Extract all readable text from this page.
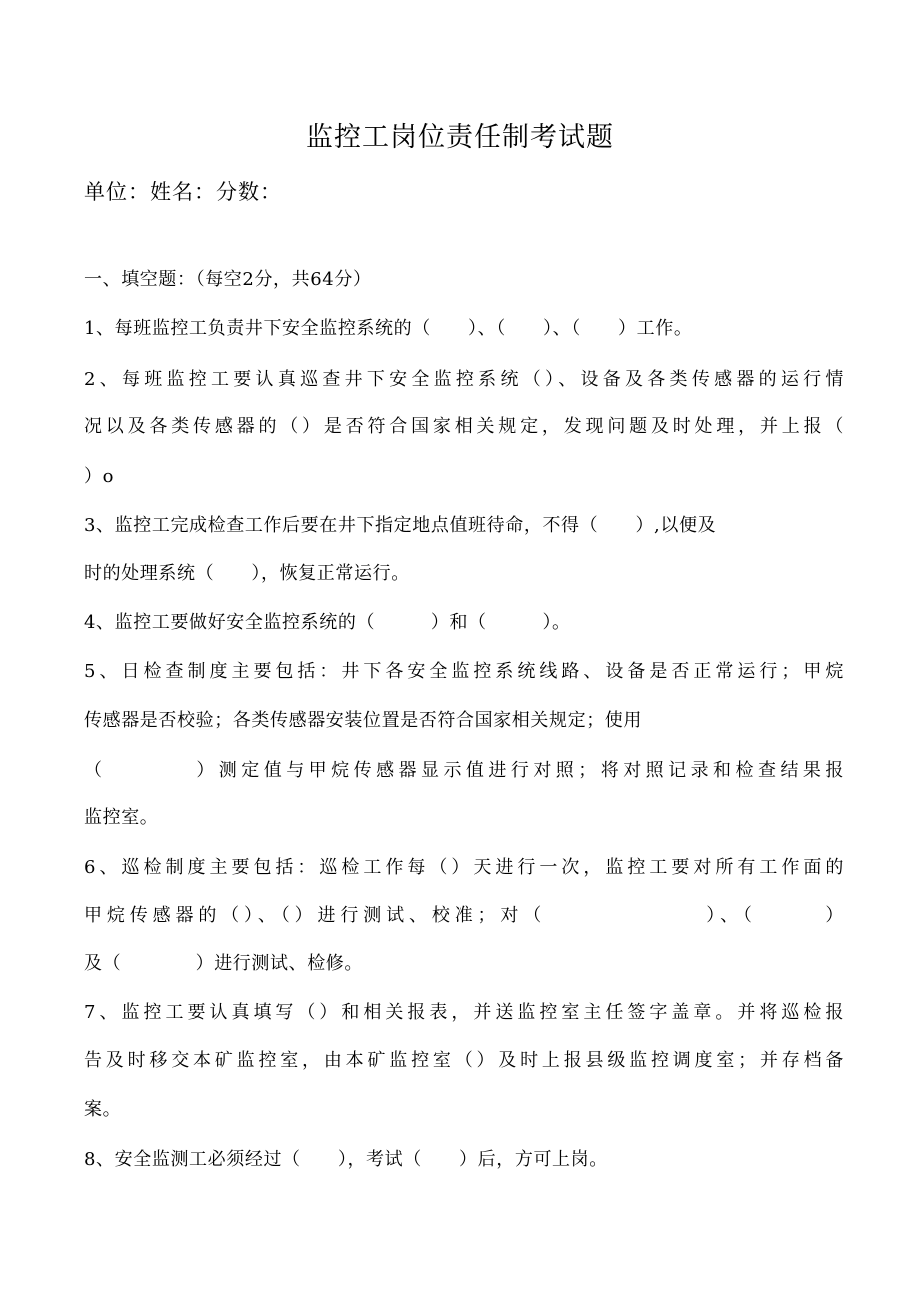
监控工岗位责任制考试题
单位：姓名：分数：
一、填空题：（每空2分，共64分）
1、每班监控工负责井下安全监控系统的（　　）、（　　）、（　　）工作。
2、每班监控工要认真巡查井下安全监控系统（）、设备及各类传感器的运行情
况以及各类传感器的（）是否符合国家相关规定，发现问题及时处理，并上报（
）o
3、监控工完成检查工作后要在井下指定地点值班待命，不得（　　）,以便及
时的处理系统（　　），恢复正常运行。
4、监控工要做好安全监控系统的（　　　）和（　　　）。
5、日检查制度主要包括：井下各安全监控系统线路、设备是否正常运行；甲烷
传感器是否校验；各类传感器安装位置是否符合国家相关规定；使用
（　　　　）测定值与甲烷传感器显示值进行对照；将对照记录和检查结果报
监控室。
6、巡检制度主要包括：巡检工作每（）天进行一次，监控工要对所有工作面的
甲烷传感器的（）、（）进行测试、校准；对（　　　　　　　）、（　　　）
及（　　　　）进行测试、检修。
7、监控工要认真填写（）和相关报表，并送监控室主任签字盖章。并将巡检报
告及时移交本矿监控室，由本矿监控室（）及时上报县级监控调度室；并存档备
案。
8、安全监测工必须经过（　　），考试（　　）后，方可上岗。
